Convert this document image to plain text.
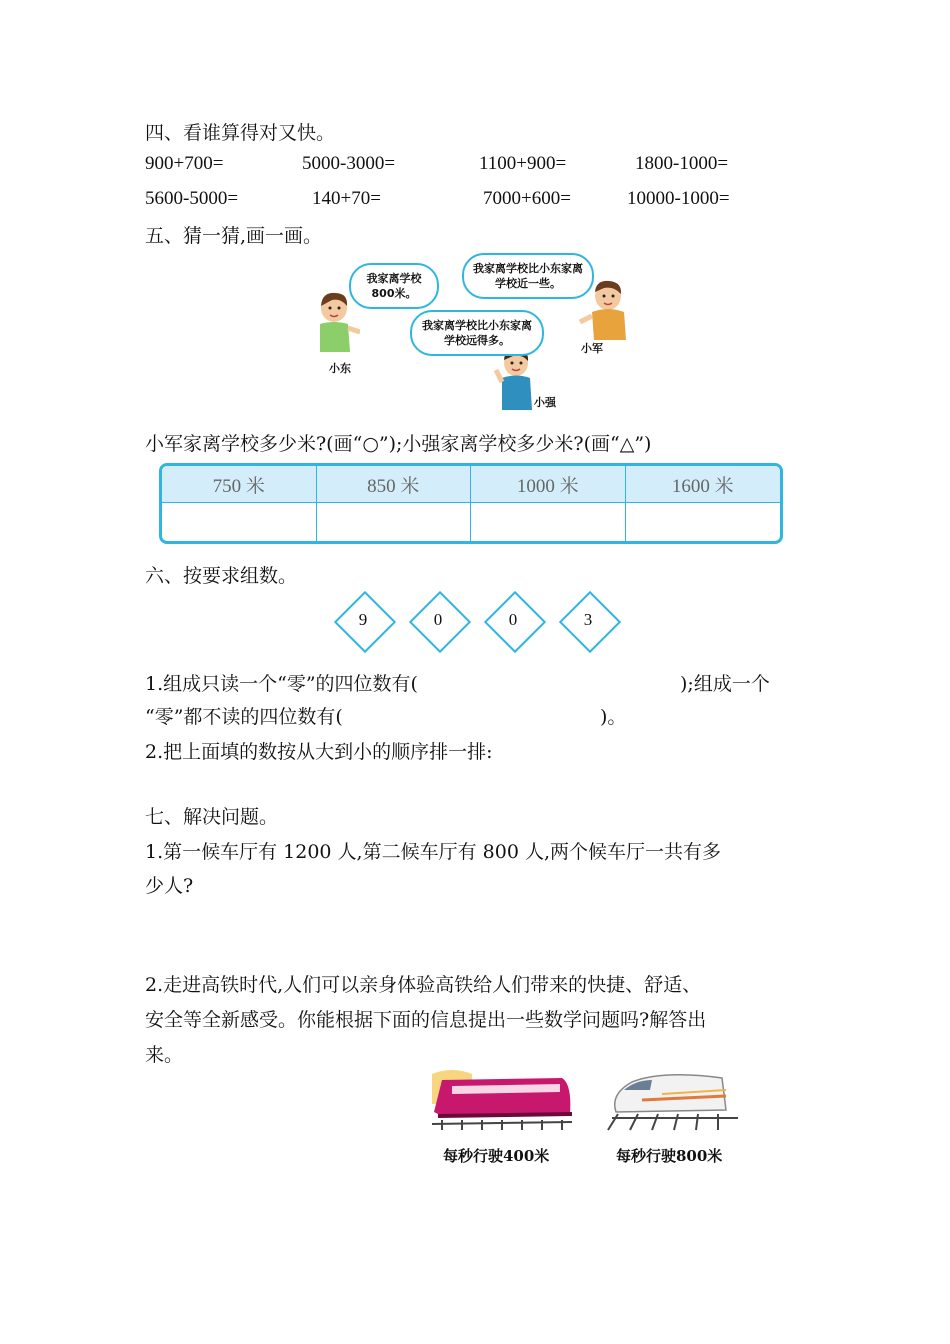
四、看谁算得对又快。
900+700=	5000-3000=	1100+900=	1800-1000=
5600-5000=	140+70=	7000+600=	10000-1000=
五、猜一猜,画一画。
我家离学校 800米。
小东
我家离学校比小东家离学校近一些。
小军
我家离学校比小东家离学校远得多。
小强
小军家离学校多少米?(画“○”);小强家离学校多少米?(画“△”)
750 米	850 米	1000 米	1600 米

六、按要求组数。
9	0	0	3
1.组成只读一个“零”的四位数有(	);组成一个
“零”都不读的四位数有(	)。
2.把上面填的数按从大到小的顺序排一排:
七、解决问题。
1.第一候车厅有 1200 人,第二候车厅有 800 人,两个候车厅一共有多
少人?
2.走进高铁时代,人们可以亲身体验高铁给人们带来的快捷、舒适、
安全等全新感受。你能根据下面的信息提出一些数学问题吗?解答出
来。
每秒行驶400米	每秒行驶800米
